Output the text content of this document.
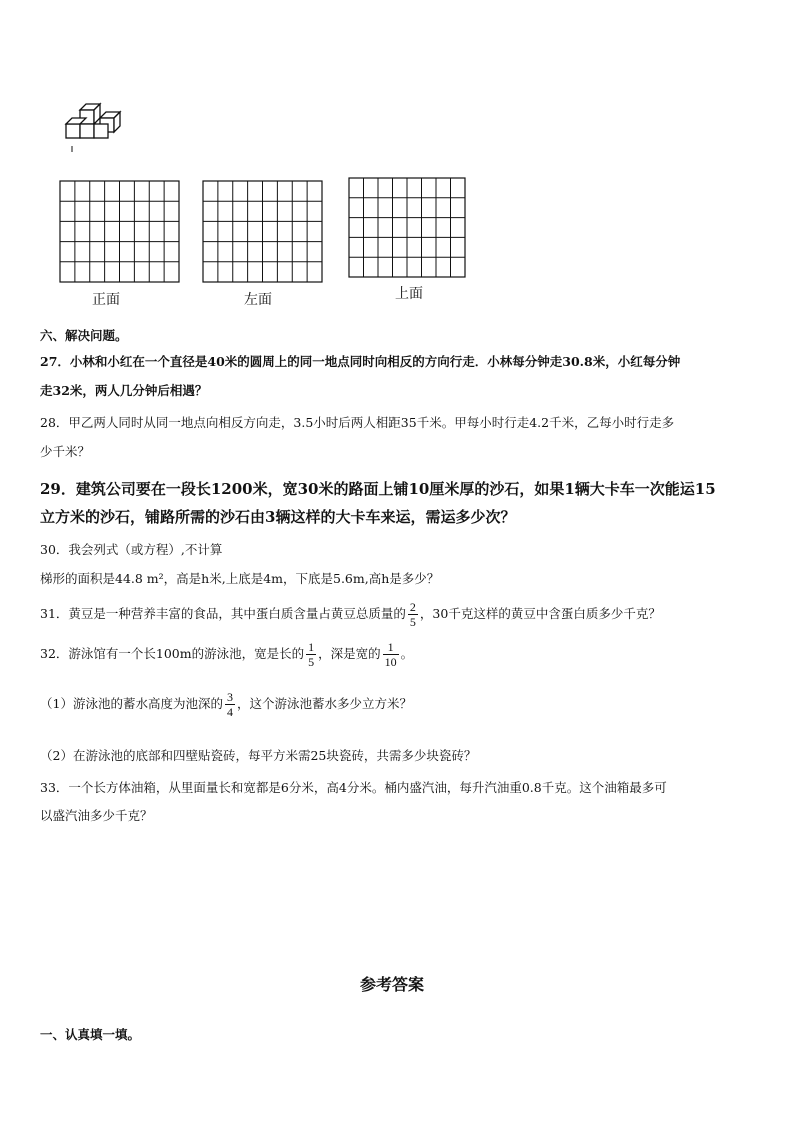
正面	左面	上面
六、解决问题。
27．小林和小红在一个直径是40米的圆周上的同一地点同时向相反的方向行走．小林每分钟走30.8米，小红每分钟
走32米，两人几分钟后相遇？
28．甲乙两人同时从同一地点向相反方向走，3.5小时后两人相距35千米。甲每小时行走4.2千米，乙每小时行走多
少千米？
29．建筑公司要在一段长1200米，宽30米的路面上铺10厘米厚的沙石，如果1辆大卡车一次能运15
立方米的沙石，铺路所需的沙石由3辆这样的大卡车来运，需运多少次？
30．我会列式（或方程）,不计算
梯形的面积是44.8 m²，高是h米,上底是4m，下底是5.6m,高h是多少？
31．黄豆是一种营养丰富的食品，其中蛋白质含量占黄豆总质量的 $\frac{2}{5}$ ，30千克这样的黄豆中含蛋白质多少千克？
32．游泳馆有一个长100m的游泳池，宽是长的 $\frac{1}{5}$ ，深是宽的 $\frac{1}{10}$ 。
（1）游泳池的蓄水高度为池深的 $\frac{3}{4}$ ，这个游泳池蓄水多少立方米？
（2）在游泳池的底部和四壁贴瓷砖，每平方米需25块瓷砖，共需多少块瓷砖？
33．一个长方体油箱，从里面量长和宽都是6分米，高4分米。桶内盛汽油，每升汽油重0.8千克。这个油箱最多可
以盛汽油多少千克？
参考答案
一、认真填一填。
